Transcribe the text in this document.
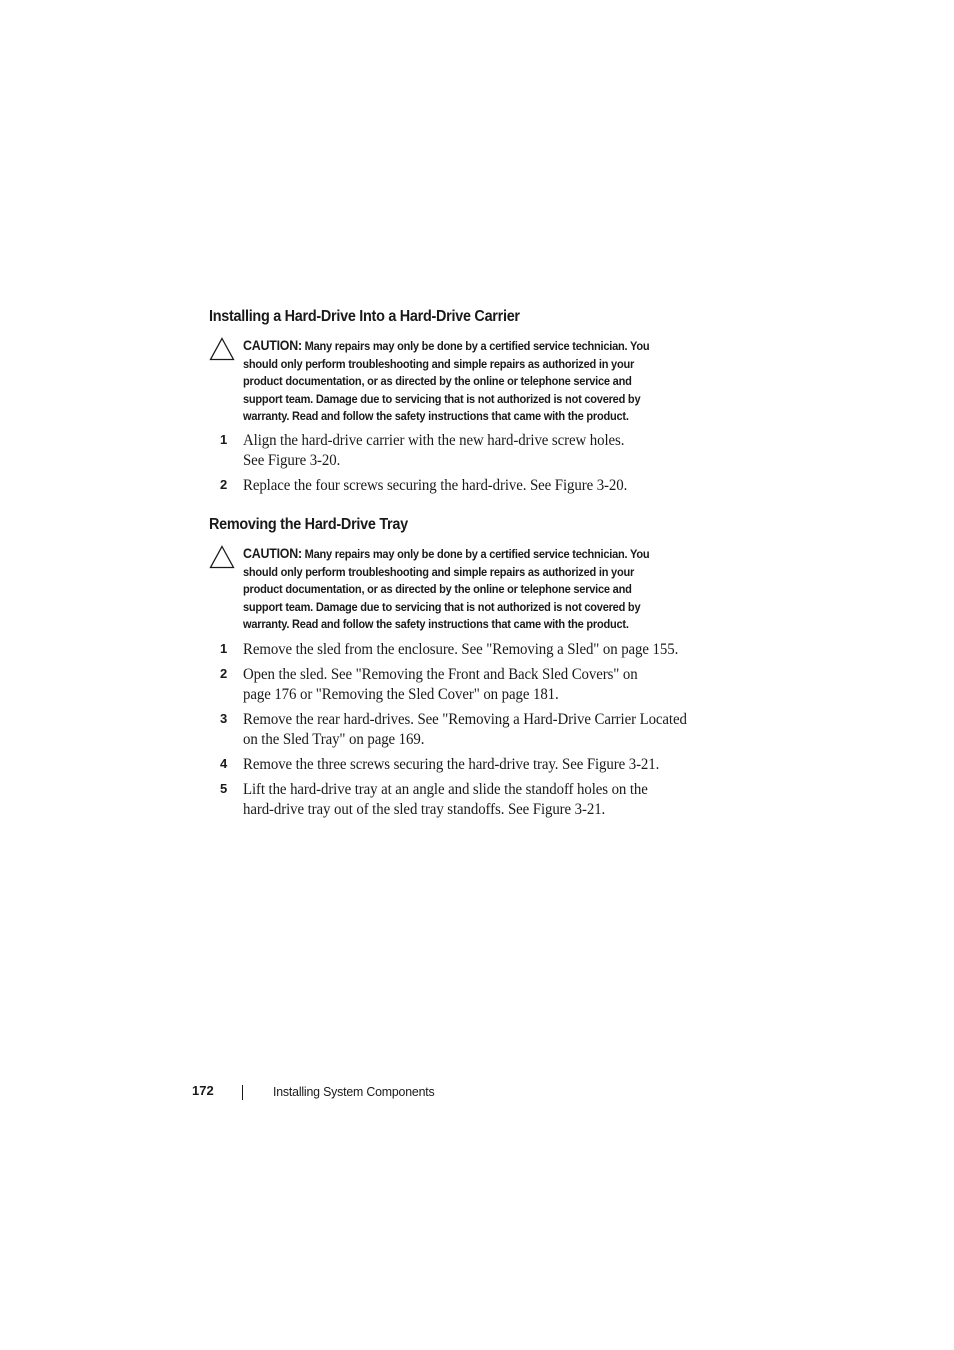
Installing a Hard-Drive Into a Hard-Drive Carrier
CAUTION: Many repairs may only be done by a certified service technician. You
should only perform troubleshooting and simple repairs as authorized in your
product documentation, or as directed by the online or telephone service and
support team. Damage due to servicing that is not authorized is not covered by
warranty. Read and follow the safety instructions that came with the product.
1 Align the hard-drive carrier with the new hard-drive screw holes.
See Figure 3-20.
2 Replace the four screws securing the hard-drive. See Figure 3-20.
Removing the Hard-Drive Tray
CAUTION: Many repairs may only be done by a certified service technician. You
should only perform troubleshooting and simple repairs as authorized in your
product documentation, or as directed by the online or telephone service and
support team. Damage due to servicing that is not authorized is not covered by
warranty. Read and follow the safety instructions that came with the product.
1 Remove the sled from the enclosure. See "Removing a Sled" on page 155.
2 Open the sled. See "Removing the Front and Back Sled Covers" on
page 176 or "Removing the Sled Cover" on page 181.
3 Remove the rear hard-drives. See "Removing a Hard-Drive Carrier Located
on the Sled Tray" on page 169.
4 Remove the three screws securing the hard-drive tray. See Figure 3-21.
5 Lift the hard-drive tray at an angle and slide the standoff holes on the
hard-drive tray out of the sled tray standoffs. See Figure 3-21.
172	Installing System Components
